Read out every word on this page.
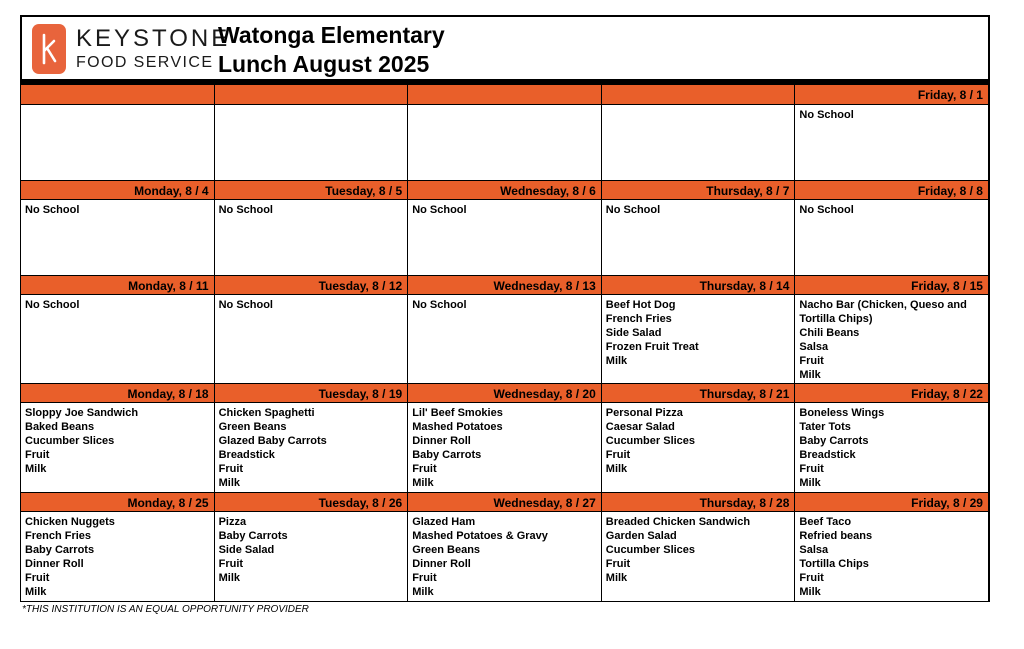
KEYSTONE
FOOD SERVICE
Watonga Elementary
Lunch August 2025
Friday, 8 / 1
No School
Monday, 8 / 4
No School
Tuesday, 8 / 5
No School
Wednesday, 8 / 6
No School
Thursday, 8 / 7
No School
Friday, 8 / 8
No School
Monday, 8 / 11
No School
Tuesday, 8 / 12
No School
Wednesday, 8 / 13
No School
Thursday, 8 / 14
Beef Hot Dog
French Fries
Side Salad
Frozen Fruit Treat
Milk
Friday, 8 / 15
Nacho Bar (Chicken, Queso and Tortilla Chips)
Chili Beans
Salsa
Fruit
Milk
Monday, 8 / 18
Sloppy Joe Sandwich
Baked Beans
Cucumber Slices
Fruit
Milk
Tuesday, 8 / 19
Chicken Spaghetti
Green Beans
Glazed Baby Carrots
Breadstick
Fruit
Milk
Wednesday, 8 / 20
Lil' Beef Smokies
Mashed Potatoes
Dinner Roll
Baby Carrots
Fruit
Milk
Thursday, 8 / 21
Personal Pizza
Caesar Salad
Cucumber Slices
Fruit
Milk
Friday, 8 / 22
Boneless Wings
Tater Tots
Baby Carrots
Breadstick
Fruit
Milk
Monday, 8 / 25
Chicken Nuggets
French Fries
Baby Carrots
Dinner Roll
Fruit
Milk
Tuesday, 8 / 26
Pizza
Baby Carrots
Side Salad
Fruit
Milk
Wednesday, 8 / 27
Glazed Ham
Mashed Potatoes & Gravy
Green Beans
Dinner Roll
Fruit
Milk
Thursday, 8 / 28
Breaded Chicken Sandwich
Garden Salad
Cucumber Slices
Fruit
Milk
Friday, 8 / 29
Beef Taco
Refried beans
Salsa
Tortilla Chips
Fruit
Milk
*THIS INSTITUTION IS AN EQUAL OPPORTUNITY PROVIDER
